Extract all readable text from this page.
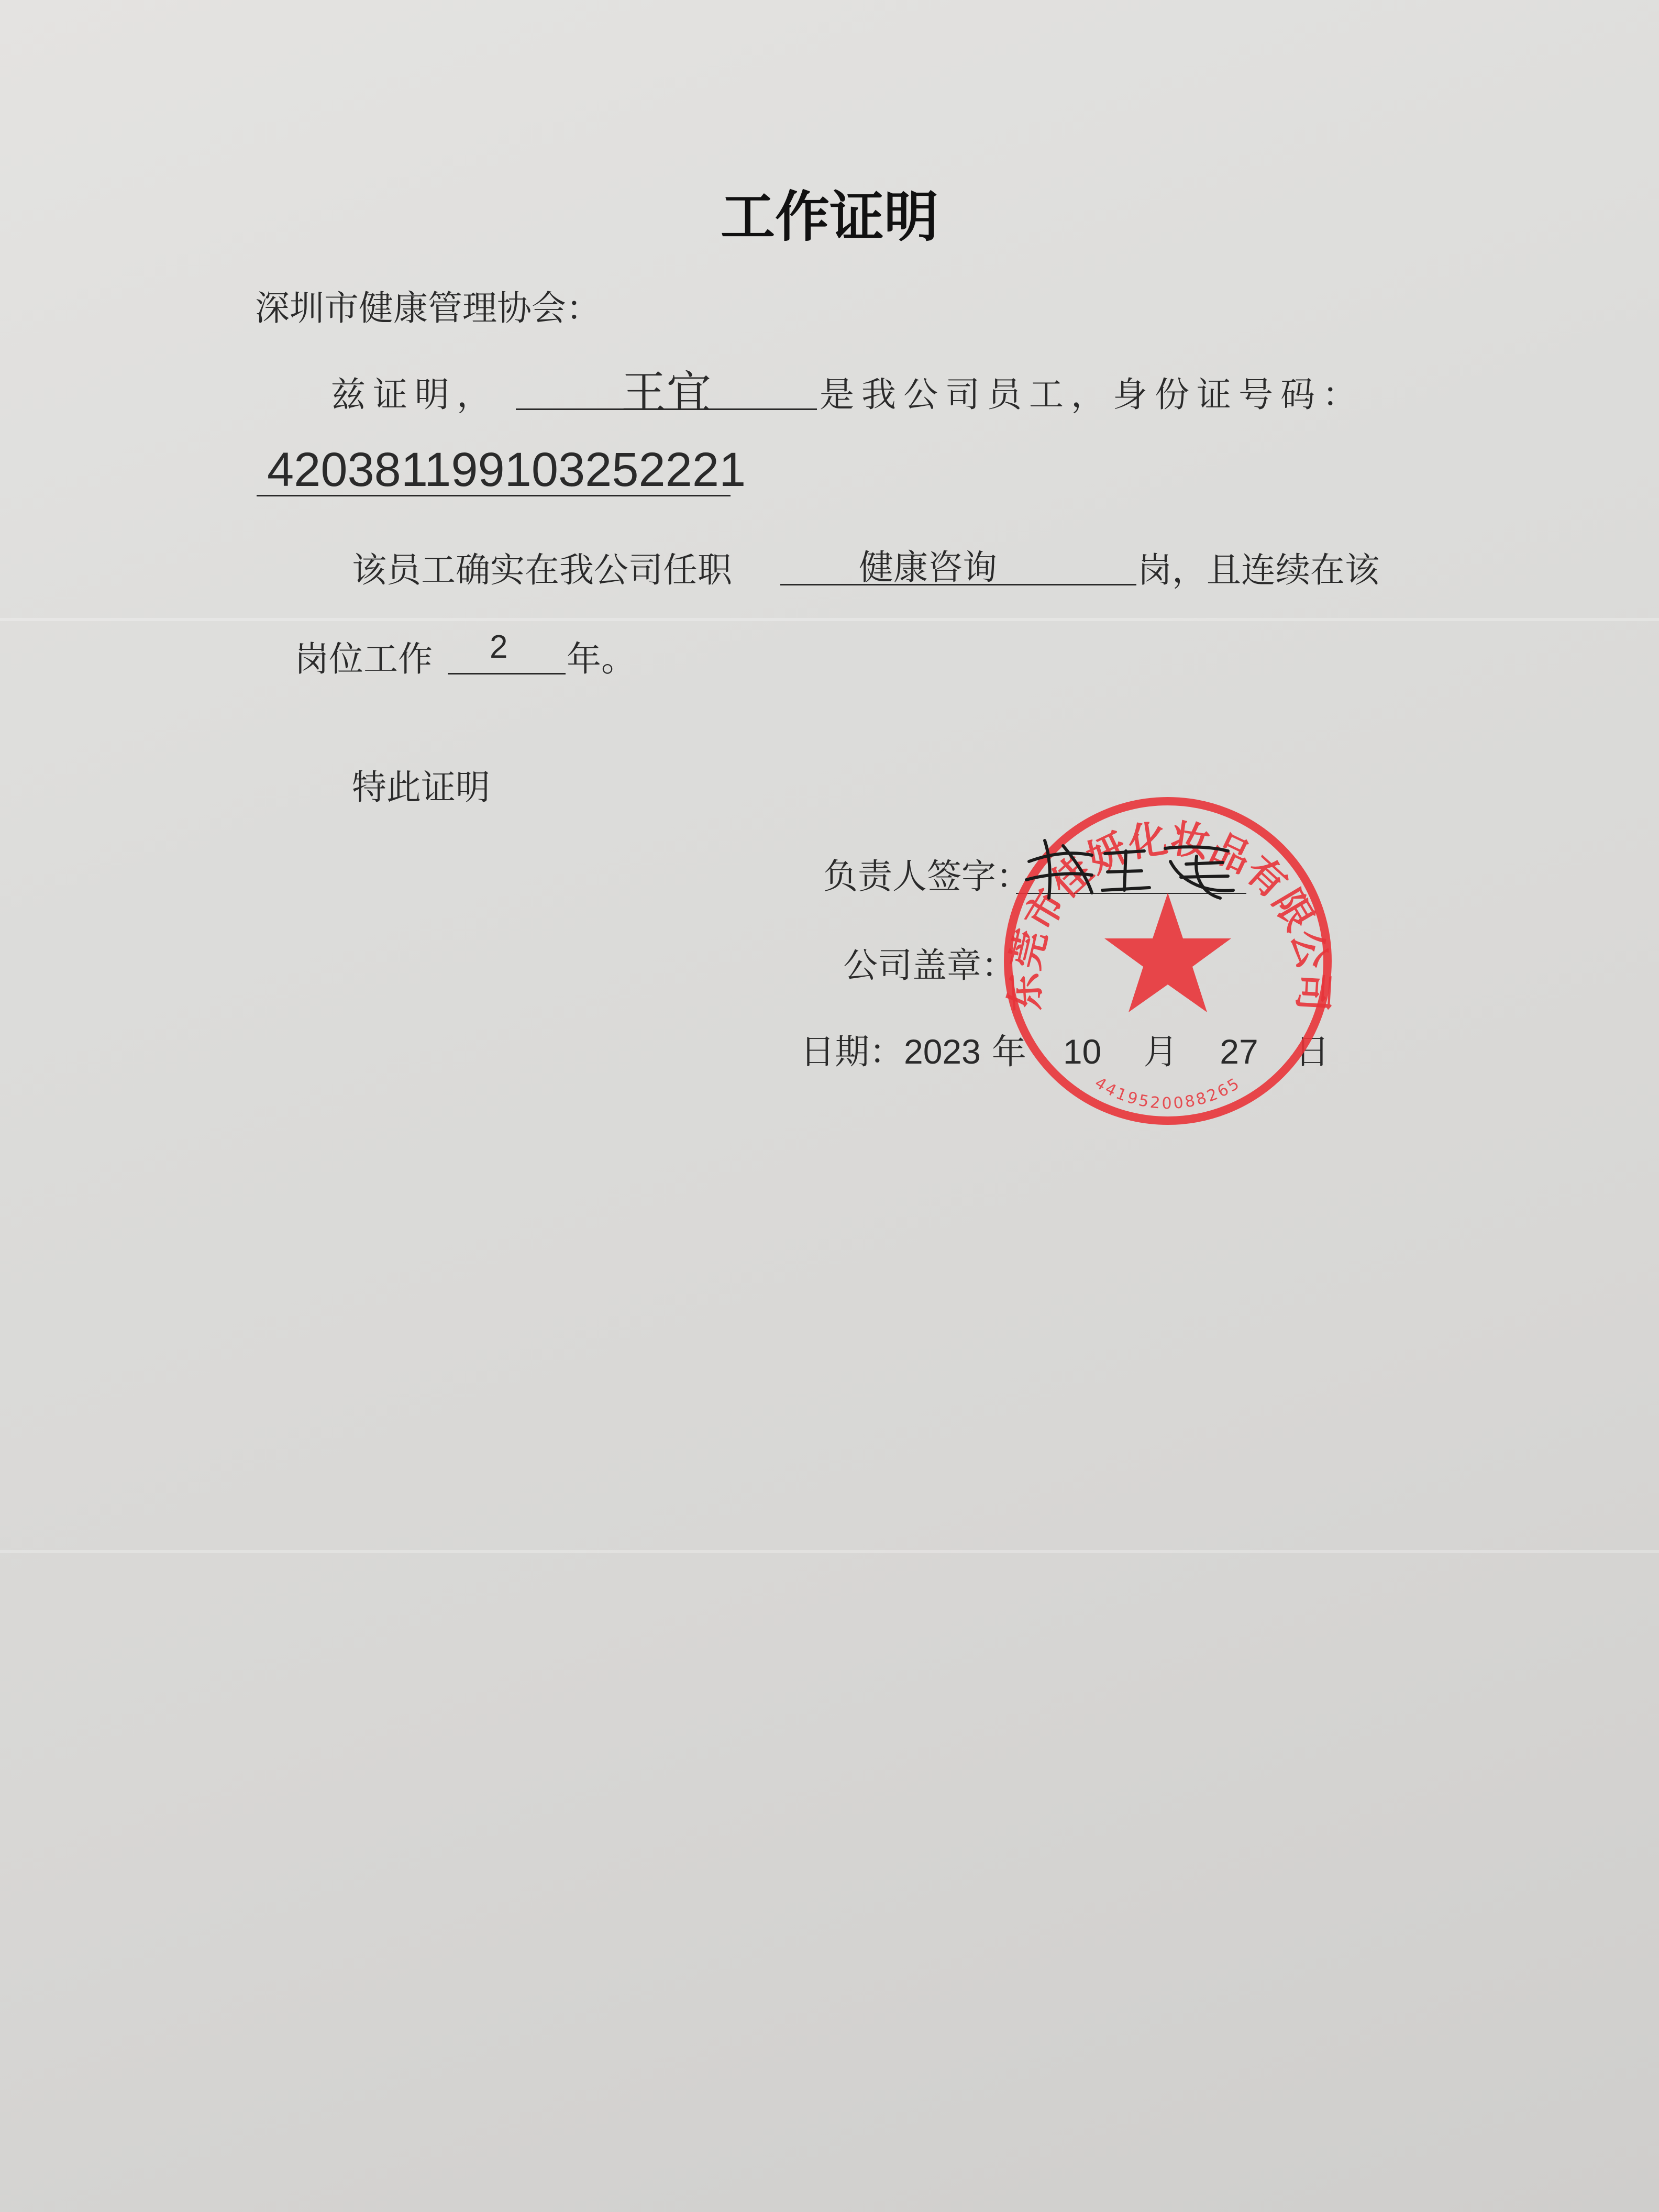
工作证明
深圳市健康管理协会：
兹证明，	王宜	是我公司员工，身份证号码：
420381199103252221
该员工确实在我公司任职	健康咨询	岗，且连续在该
岗位工作	2	年。
特此证明
负责人签字：
公司盖章：
日期：2023 年 10 月 27 日
东莞市佳妍化妆品有限公司
4419520088265
